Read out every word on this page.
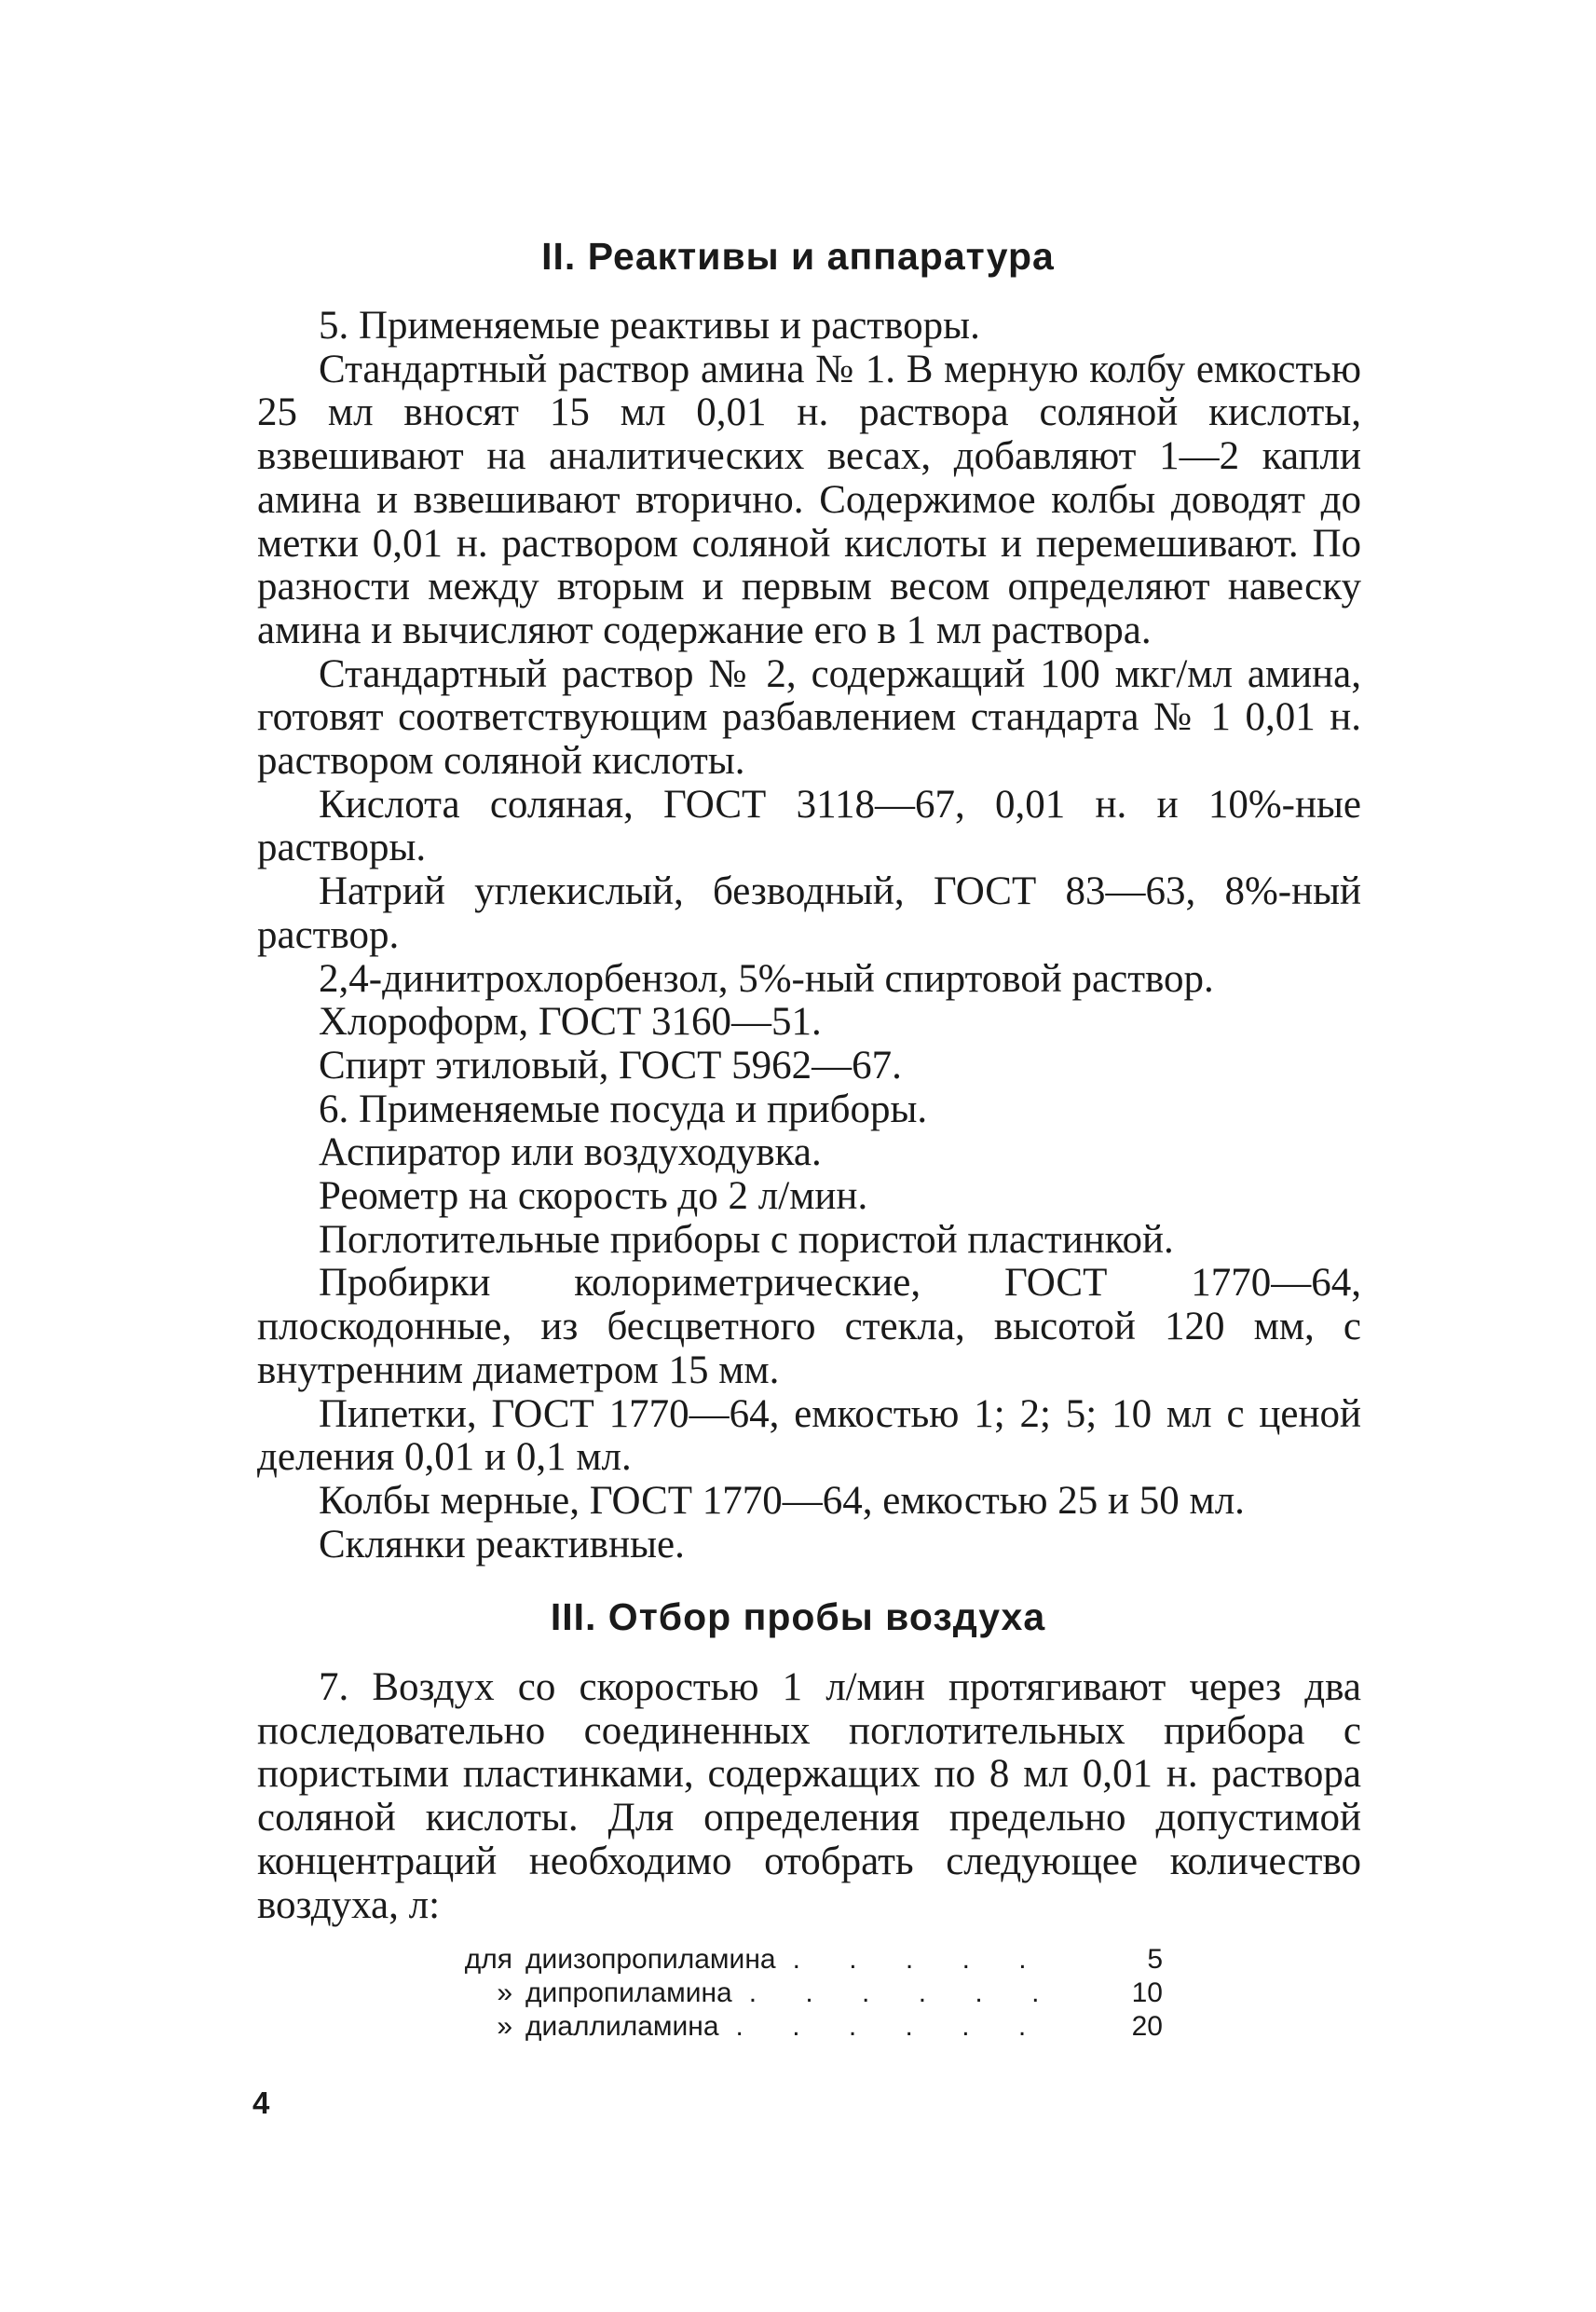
II. Реактивы и аппаратура

5. Применяемые реактивы и растворы.

Стандартный раствор амина № 1. В мерную колбу емкостью 25 мл вносят 15 мл 0,01 н. раствора соляной кислоты, взвешивают на аналитических весах, добавляют 1—2 капли амина и взвешивают вторично. Содержимое колбы доводят до метки 0,01 н. раствором соляной кислоты и перемешивают. По разности между вторым и первым весом определяют навеску амина и вычисляют содержание его в 1 мл раствора.

Стандартный раствор № 2, содержащий 100 мкг/мл амина, готовят соответствующим разбавлением стандарта № 1 0,01 н. раствором соляной кислоты.

Кислота соляная, ГОСТ 3118—67, 0,01 н. и 10%-ные растворы.

Натрий углекислый, безводный, ГОСТ 83—63, 8%-ный раствор.

2,4-динитрохлорбензол, 5%-ный спиртовой раствор.

Хлороформ, ГОСТ 3160—51.

Спирт этиловый, ГОСТ 5962—67.

6. Применяемые посуда и приборы.

Аспиратор или воздуходувка.

Реометр на скорость до 2 л/мин.

Поглотительные приборы с пористой пластинкой.

Пробирки колориметрические, ГОСТ 1770—64, плоскодонные, из бесцветного стекла, высотой 120 мм, с внутренним диаметром 15 мм.

Пипетки, ГОСТ 1770—64, емкостью 1; 2; 5; 10 мл с ценой деления 0,01 и 0,1 мл.

Колбы мерные, ГОСТ 1770—64, емкостью 25 и 50 мл.

Склянки реактивные.

III. Отбор пробы воздуха

7. Воздух со скоростью 1 л/мин протягивают через два последовательно соединенных поглотительных прибора с пористыми пластинками, содержащих по 8 мл 0,01 н. раствора соляной кислоты. Для определения предельно допустимой концентраций необходимо отобрать следующее количество воздуха, л:

для диизопропиламина . . . . .	5
» дипропиламина . . . . . .	10
» диаллиламина . . . . . .	20
4
